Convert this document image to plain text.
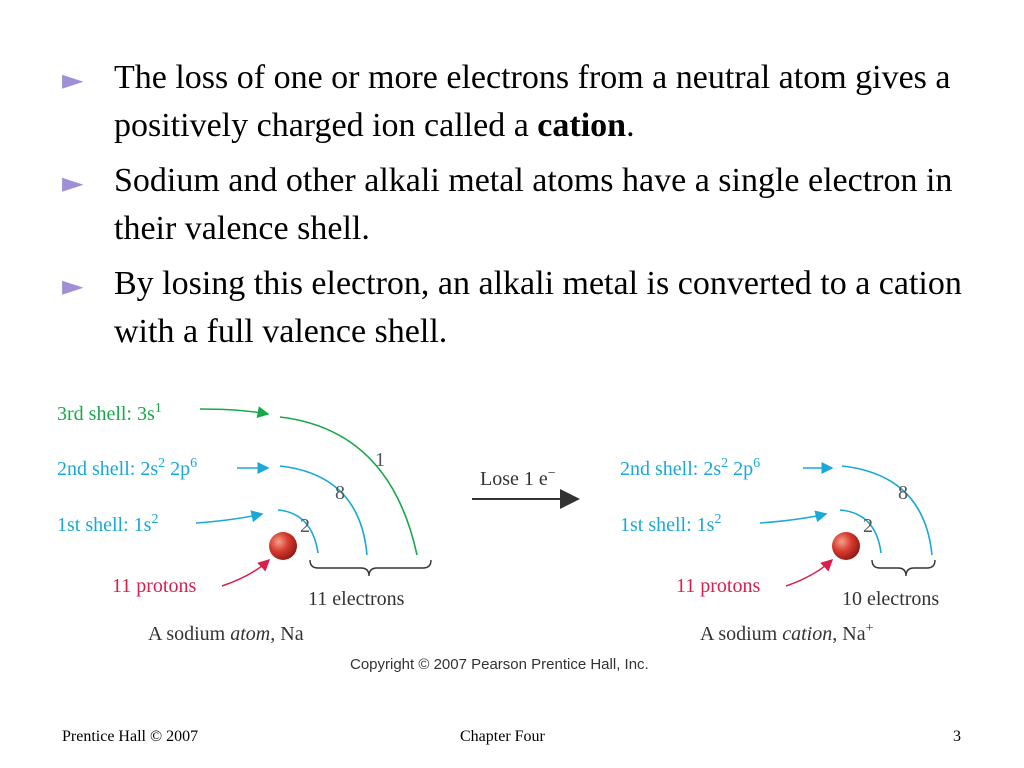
► The loss of one or more electrons from a neutral atom gives a positively charged ion called a cation.
► Sodium and other alkali metal atoms have a single electron in their valence shell.
► By losing this electron, an alkali metal is converted to a cation with a full valence shell.
3rd shell: $3s^1$
2nd shell: $2s^2$ $2p^6$
1st shell: $1s^2$
1
8
2
11 protons
11 electrons
A sodium atom, Na
Lose 1 e−	2nd shell: $2s^2$ $2p^6$
1st shell: $1s^2$
8
2
11 protons
10 electrons
A sodium cation, Na+
Copyright © 2007 Pearson Prentice Hall, Inc.
Prentice Hall © 2007	Chapter Four	3
